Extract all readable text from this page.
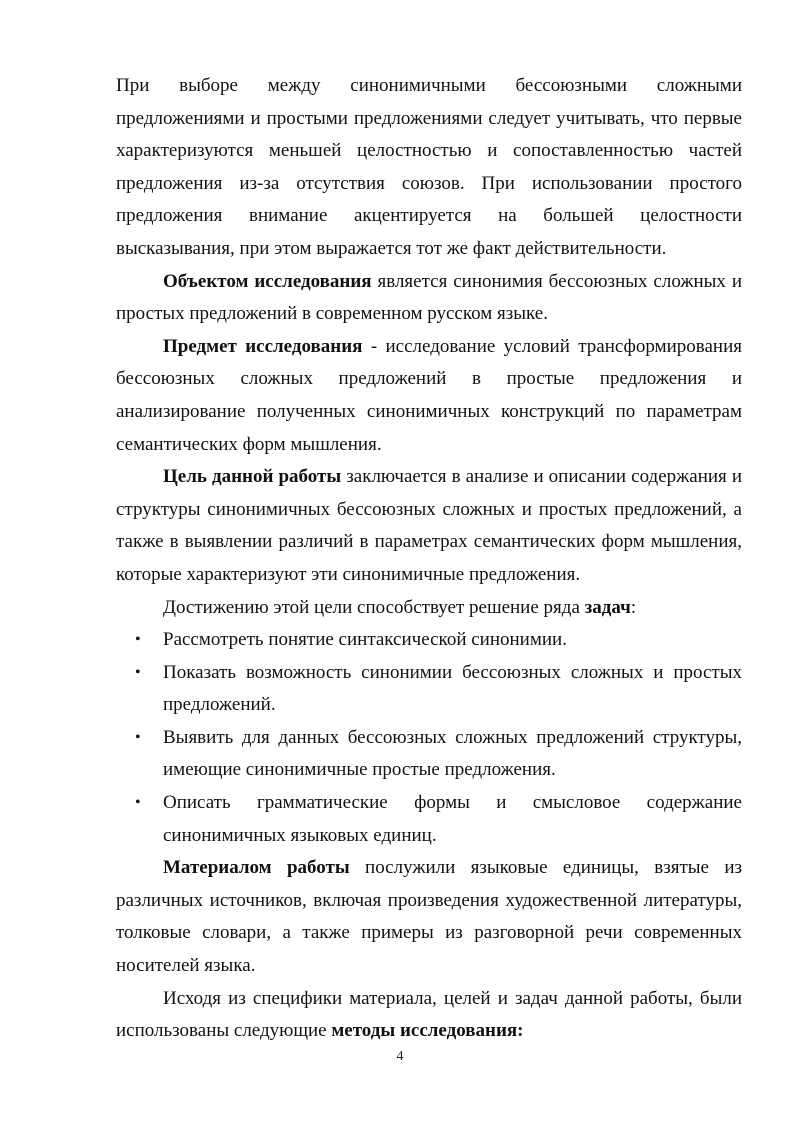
При выборе между синонимичными бессоюзными сложными предложениями и простыми предложениями следует учитывать, что первые характеризуются меньшей целостностью и сопоставленностью частей предложения из-за отсутствия союзов. При использовании простого предложения внимание акцентируется на большей целостности высказывания, при этом выражается тот же факт действительности.

Объектом исследования является синонимия бессоюзных сложных и простых предложений в современном русском языке.

Предмет исследования - исследование условий трансформирования бессоюзных сложных предложений в простые предложения и анализирование полученных синонимичных конструкций по параметрам семантических форм мышления.

Цель данной работы заключается в анализе и описании содержания и структуры синонимичных бессоюзных сложных и простых предложений, а также в выявлении различий в параметрах семантических форм мышления, которые характеризуют эти синонимичные предложения.

Достижению этой цели способствует решение ряда задач:

• Рассмотреть понятие синтаксической синонимии.
• Показать возможность синонимии бессоюзных сложных и простых предложений.
• Выявить для данных бессоюзных сложных предложений структуры, имеющие синонимичные простые предложения.
• Описать грамматические формы и смысловое содержание синонимичных языковых единиц.

Материалом работы послужили языковые единицы, взятые из различных источников, включая произведения художественной литературы, толковые словари, а также примеры из разговорной речи современных носителей языка.

Исходя из специфики материала, целей и задач данной работы, были использованы следующие методы исследования:

4
